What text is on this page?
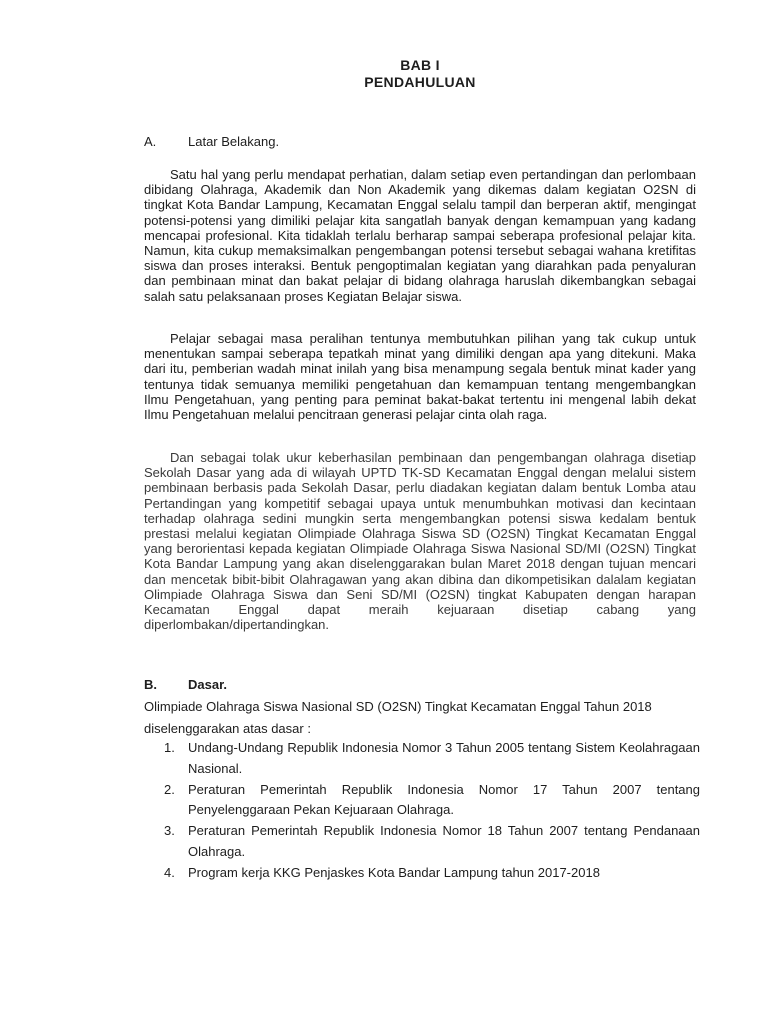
BAB I
PENDAHULUAN
A. Latar Belakang.

Satu hal yang perlu mendapat perhatian, dalam setiap even pertandingan dan perlombaan dibidang Olahraga, Akademik dan Non Akademik yang dikemas dalam kegiatan O2SN di tingkat Kota Bandar Lampung, Kecamatan Enggal selalu tampil dan berperan aktif, mengingat potensi-potensi yang dimiliki pelajar kita sangatlah banyak dengan kemampuan yang kadang mencapai profesional. Kita tidaklah terlalu berharap sampai seberapa profesional pelajar kita. Namun, kita cukup memaksimalkan pengembangan potensi tersebut sebagai wahana kretifitas siswa dan proses interaksi. Bentuk pengoptimalan kegiatan yang diarahkan pada penyaluran dan pembinaan minat dan bakat pelajar di bidang olahraga haruslah dikembangkan sebagai salah satu pelaksanaan proses Kegiatan Belajar siswa.

Pelajar sebagai masa peralihan tentunya membutuhkan pilihan yang tak cukup untuk menentukan sampai seberapa tepatkah minat yang dimiliki dengan apa yang ditekuni. Maka dari itu, pemberian wadah minat inilah yang bisa menampung segala bentuk minat kader yang tentunya tidak semuanya memiliki pengetahuan dan kemampuan tentang mengembangkan Ilmu Pengetahuan, yang penting para peminat bakat-bakat tertentu ini mengenal labih dekat Ilmu Pengetahuan melalui pencitraan generasi pelajar cinta olah raga.

Dan sebagai tolak ukur keberhasilan pembinaan dan pengembangan olahraga disetiap Sekolah Dasar yang ada di wilayah UPTD TK-SD Kecamatan Enggal dengan melalui sistem pembinaan berbasis pada Sekolah Dasar, perlu diadakan kegiatan dalam bentuk Lomba atau Pertandingan yang kompetitif sebagai upaya untuk menumbuhkan motivasi dan kecintaan terhadap olahraga sedini mungkin serta mengembangkan potensi siswa kedalam bentuk prestasi melalui kegiatan Olimpiade Olahraga Siswa SD (O2SN) Tingkat Kecamatan Enggal yang berorientasi kepada kegiatan Olimpiade Olahraga Siswa Nasional SD/MI (O2SN) Tingkat Kota Bandar Lampung yang akan diselenggarakan bulan Maret 2018 dengan tujuan mencari dan mencetak bibit-bibit Olahragawan yang akan dibina dan dikompetisikan dalalam kegiatan Olimpiade Olahraga Siswa dan Seni SD/MI (O2SN) tingkat Kabupaten dengan harapan Kecamatan Enggal dapat meraih kejuaraan disetiap cabang yang diperlombakan/dipertandingkan.

B. Dasar.

Olimpiade Olahraga Siswa Nasional SD (O2SN) Tingkat Kecamatan Enggal Tahun 2018 diselenggarakan atas dasar :

1. Undang-Undang Republik Indonesia Nomor 3 Tahun 2005 tentang Sistem Keolahragaan Nasional.
2. Peraturan Pemerintah Republik Indonesia Nomor 17 Tahun 2007 tentang Penyelenggaraan Pekan Kejuaraan Olahraga.
3. Peraturan Pemerintah Republik Indonesia Nomor 18 Tahun 2007 tentang Pendanaan Olahraga.
4. Program kerja KKG Penjaskes Kota Bandar Lampung tahun 2017-2018
